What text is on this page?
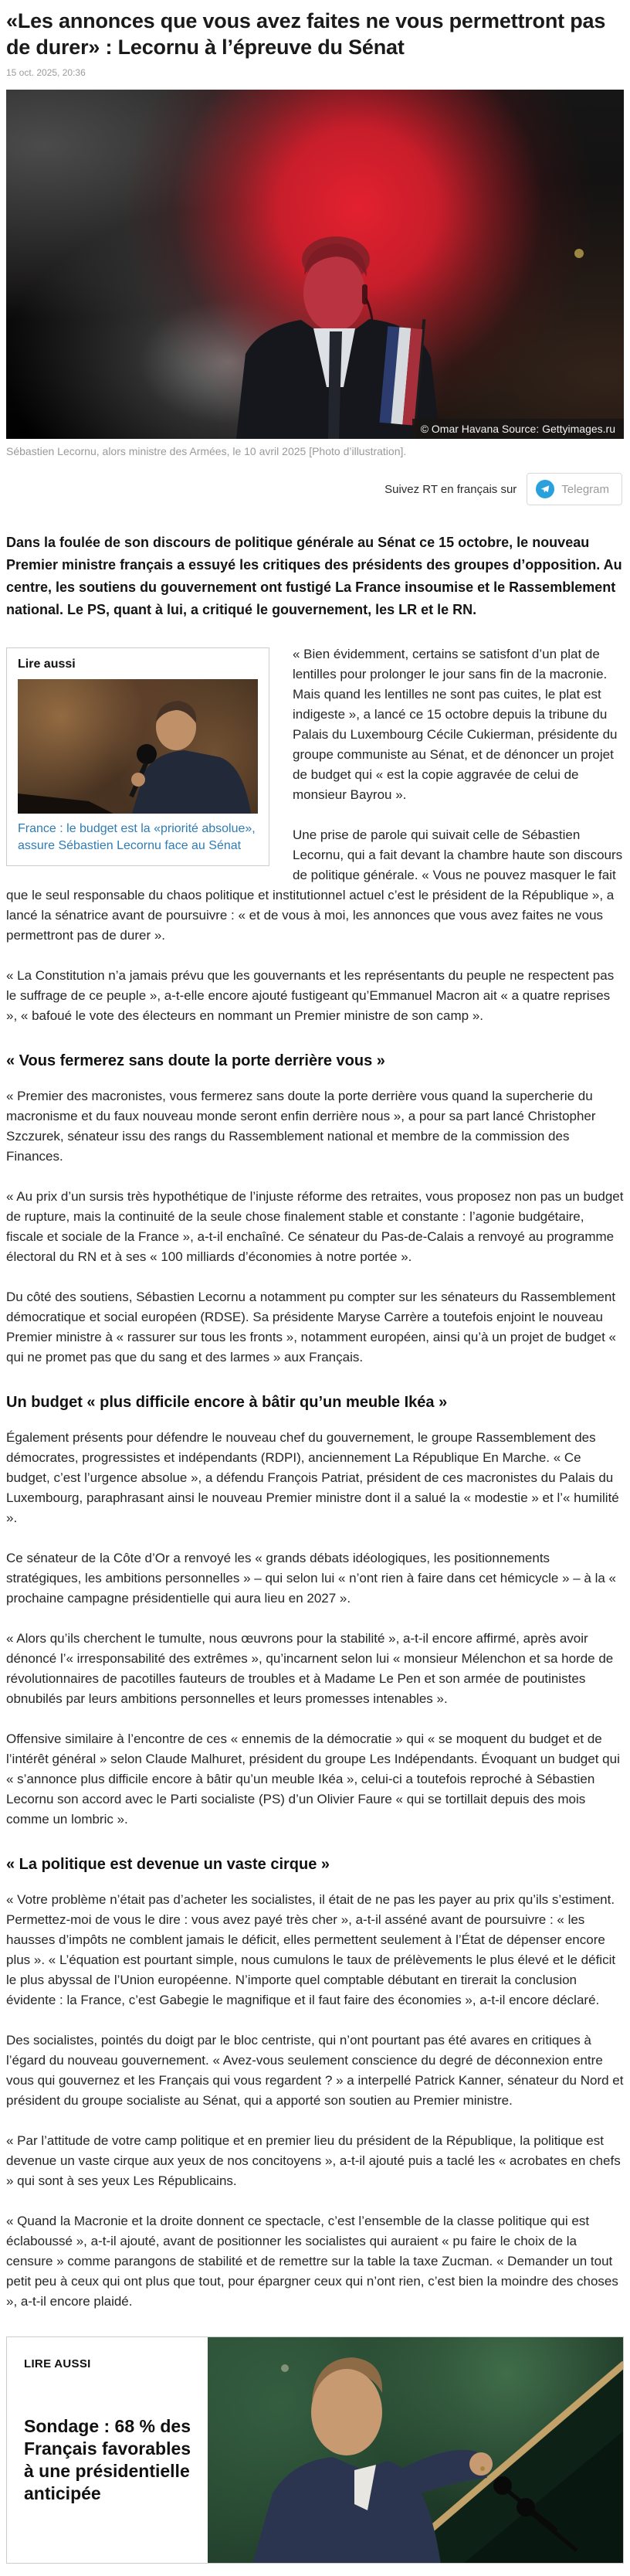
«Les annonces que vous avez faites ne vous permettront pas de durer» : Lecornu à l’épreuve du Sénat
15 oct. 2025, 20:36
© Omar Havana Source: Gettyimages.ru
Sébastien Lecornu, alors ministre des Armées, le 10 avril 2025 [Photo d’illustration].
Suivez RT en français sur	Telegram

Dans la foulée de son discours de politique générale au Sénat ce 15 octobre, le nouveau Premier ministre français a essuyé les critiques des présidents des groupes d’opposition. Au centre, les soutiens du gouvernement ont fustigé La France insoumise et le Rassemblement national. Le PS, quant à lui, a critiqué le gouvernement, les LR et le RN.

Lire aussi
France : le budget est la «priorité absolue», assure Sébastien Lecornu face au Sénat

« Bien évidemment, certains se satisfont d’un plat de lentilles pour prolonger le jour sans fin de la macronie. Mais quand les lentilles ne sont pas cuites, le plat est indigeste », a lancé ce 15 octobre depuis la tribune du Palais du Luxembourg Cécile Cukierman, présidente du groupe communiste au Sénat, et de dénoncer un projet de budget qui « est la copie aggravée de celui de monsieur Bayrou ».

Une prise de parole qui suivait celle de Sébastien Lecornu, qui a fait devant la chambre haute son discours de politique générale. « Vous ne pouvez masquer le fait que le seul responsable du chaos politique et institutionnel actuel c’est le président de la République », a lancé la sénatrice avant de poursuivre : « et de vous à moi, les annonces que vous avez faites ne vous permettront pas de durer ».

« La Constitution n’a jamais prévu que les gouvernants et les représentants du peuple ne respectent pas le suffrage de ce peuple », a-t-elle encore ajouté fustigeant qu’Emmanuel Macron ait « a quatre reprises », « bafoué le vote des électeurs en nommant un Premier ministre de son camp ».

« Vous fermerez sans doute la porte derrière vous »

« Premier des macronistes, vous fermerez sans doute la porte derrière vous quand la supercherie du macronisme et du faux nouveau monde seront enfin derrière nous », a pour sa part lancé Christopher Szczurek, sénateur issu des rangs du Rassemblement national et membre de la commission des Finances.

« Au prix d’un sursis très hypothétique de l’injuste réforme des retraites, vous proposez non pas un budget de rupture, mais la continuité de la seule chose finalement stable et constante : l’agonie budgétaire, fiscale et sociale de la France », a-t-il enchaîné. Ce sénateur du Pas-de-Calais a renvoyé au programme électoral du RN et à ses « 100 milliards d’économies à notre portée ».

Du côté des soutiens, Sébastien Lecornu a notamment pu compter sur les sénateurs du Rassemblement démocratique et social européen (RDSE). Sa présidente Maryse Carrère a toutefois enjoint le nouveau Premier ministre à « rassurer sur tous les fronts », notamment européen, ainsi qu’à un projet de budget « qui ne promet pas que du sang et des larmes » aux Français.

Un budget « plus difficile encore à bâtir qu’un meuble Ikéa »

Également présents pour défendre le nouveau chef du gouvernement, le groupe Rassemblement des démocrates, progressistes et indépendants (RDPI), anciennement La République En Marche. « Ce budget, c’est l’urgence absolue », a défendu François Patriat, président de ces macronistes du Palais du Luxembourg, paraphrasant ainsi le nouveau Premier ministre dont il a salué la « modestie » et l’« humilité ».

Ce sénateur de la Côte d’Or a renvoyé les « grands débats idéologiques, les positionnements stratégiques, les ambitions personnelles » – qui selon lui « n’ont rien à faire dans cet hémicycle » – à la « prochaine campagne présidentielle qui aura lieu en 2027 ».

« Alors qu’ils cherchent le tumulte, nous œuvrons pour la stabilité », a-t-il encore affirmé, après avoir dénoncé l’« irresponsabilité des extrêmes », qu’incarnent selon lui « monsieur Mélenchon et sa horde de révolutionnaires de pacotilles fauteurs de troubles et à Madame Le Pen et son armée de poutinistes obnubilés par leurs ambitions personnelles et leurs promesses intenables ».

Offensive similaire à l’encontre de ces « ennemis de la démocratie » qui « se moquent du budget et de l’intérêt général » selon Claude Malhuret, président du groupe Les Indépendants. Évoquant un budget qui « s’annonce plus difficile encore à bâtir qu’un meuble Ikéa », celui-ci a toutefois reproché à Sébastien Lecornu son accord avec le Parti socialiste (PS) d’un Olivier Faure « qui se tortillait depuis des mois comme un lombric ».

« La politique est devenue un vaste cirque »

« Votre problème n’était pas d’acheter les socialistes, il était de ne pas les payer au prix qu’ils s’estiment. Permettez-moi de vous le dire : vous avez payé très cher », a-t-il asséné avant de poursuivre : « les hausses d’impôts ne comblent jamais le déficit, elles permettent seulement à l’État de dépenser encore plus ». « L’équation est pourtant simple, nous cumulons le taux de prélèvements le plus élevé et le déficit le plus abyssal de l’Union européenne. N’importe quel comptable débutant en tirerait la conclusion évidente : la France, c’est Gabegie le magnifique et il faut faire des économies », a-t-il encore déclaré.

Des socialistes, pointés du doigt par le bloc centriste, qui n’ont pourtant pas été avares en critiques à l’égard du nouveau gouvernement. « Avez-vous seulement conscience du degré de déconnexion entre vous qui gouvernez et les Français qui vous regardent ? » a interpellé Patrick Kanner, sénateur du Nord et président du groupe socialiste au Sénat, qui a apporté son soutien au Premier ministre.

« Par l’attitude de votre camp politique et en premier lieu du président de la République, la politique est devenue un vaste cirque aux yeux de nos concitoyens », a-t-il ajouté puis a taclé les « acrobates en chefs » qui sont à ses yeux Les Républicains.

« Quand la Macronie et la droite donnent ce spectacle, c’est l’ensemble de la classe politique qui est éclaboussé », a-t-il ajouté, avant de positionner les socialistes qui auraient « pu faire le choix de la censure » comme parangons de stabilité et de remettre sur la table la taxe Zucman. « Demander un tout petit peu à ceux qui ont plus que tout, pour épargner ceux qui n’ont rien, c’est bien la moindre des choses », a-t-il encore plaidé.

LIRE AUSSI
Sondage : 68 % des Français favorables à une présidentielle anticipée
